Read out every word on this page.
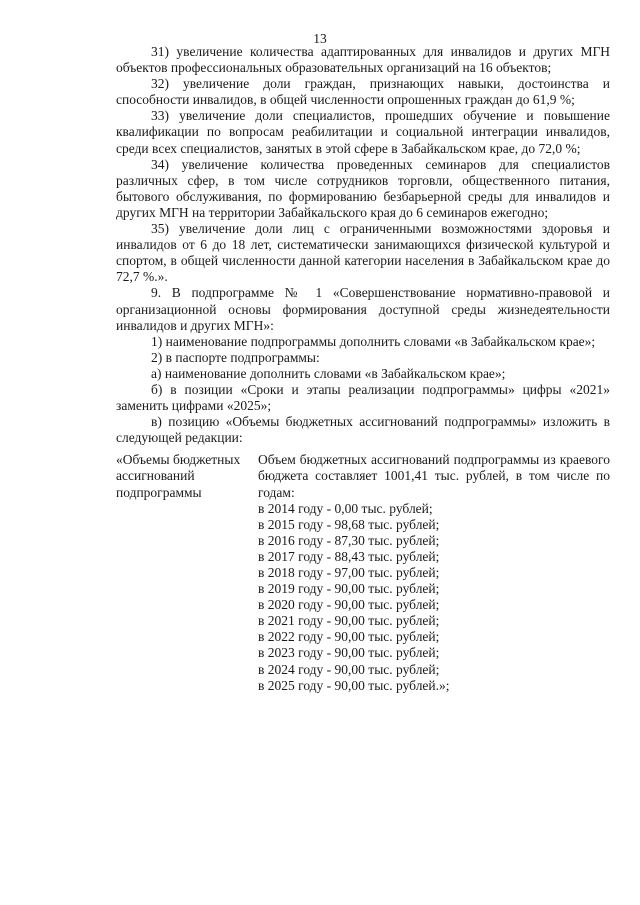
13

31) увеличение количества адаптированных для инвалидов и других МГН объектов профессиональных образовательных организаций на 16 объектов;

32) увеличение доли граждан, признающих навыки, достоинства и способности инвалидов, в общей численности опрошенных граждан до 61,9 %;

33) увеличение доли специалистов, прошедших обучение и повышение квалификации по вопросам реабилитации и социальной интеграции инвалидов, среди всех специалистов, занятых в этой сфере в Забайкальском крае, до 72,0 %;

34) увеличение количества проведенных семинаров для специалистов различных сфер, в том числе сотрудников торговли, общественного питания, бытового обслуживания, по формированию безбарьерной среды для инвалидов и других МГН на территории Забайкальского края до 6 семинаров ежегодно;

35) увеличение доли лиц с ограниченными возможностями здоровья и инвалидов от 6 до 18 лет, систематически занимающихся физической культурой и спортом, в общей численности данной категории населения в Забайкальском крае до 72,7 %.».

9. В подпрограмме № 1 «Совершенствование нормативно-правовой и организационной основы формирования доступной среды жизнедеятельности инвалидов и других МГН»:

1) наименование подпрограммы дополнить словами «в Забайкальском крае»;

2) в паспорте подпрограммы:

а) наименование дополнить словами «в Забайкальском крае»;

б) в позиции «Сроки и этапы реализации подпрограммы» цифры «2021» заменить цифрами «2025»;

в) позицию «Объемы бюджетных ассигнований подпрограммы» изложить в следующей редакции:

«Объемы бюджетных ассигнований подпрограммы
Объем бюджетных ассигнований подпрограммы из краевого бюджета составляет 1001,41 тыс. рублей, в том числе по годам:
в 2014 году - 0,00 тыс. рублей;
в 2015 году - 98,68 тыс. рублей;
в 2016 году - 87,30 тыс. рублей;
в 2017 году - 88,43 тыс. рублей;
в 2018 году - 97,00 тыс. рублей;
в 2019 году - 90,00 тыс. рублей;
в 2020 году - 90,00 тыс. рублей;
в 2021 году - 90,00 тыс. рублей;
в 2022 году - 90,00 тыс. рублей;
в 2023 году - 90,00 тыс. рублей;
в 2024 году - 90,00 тыс. рублей;
в 2025 году - 90,00 тыс. рублей.»;
